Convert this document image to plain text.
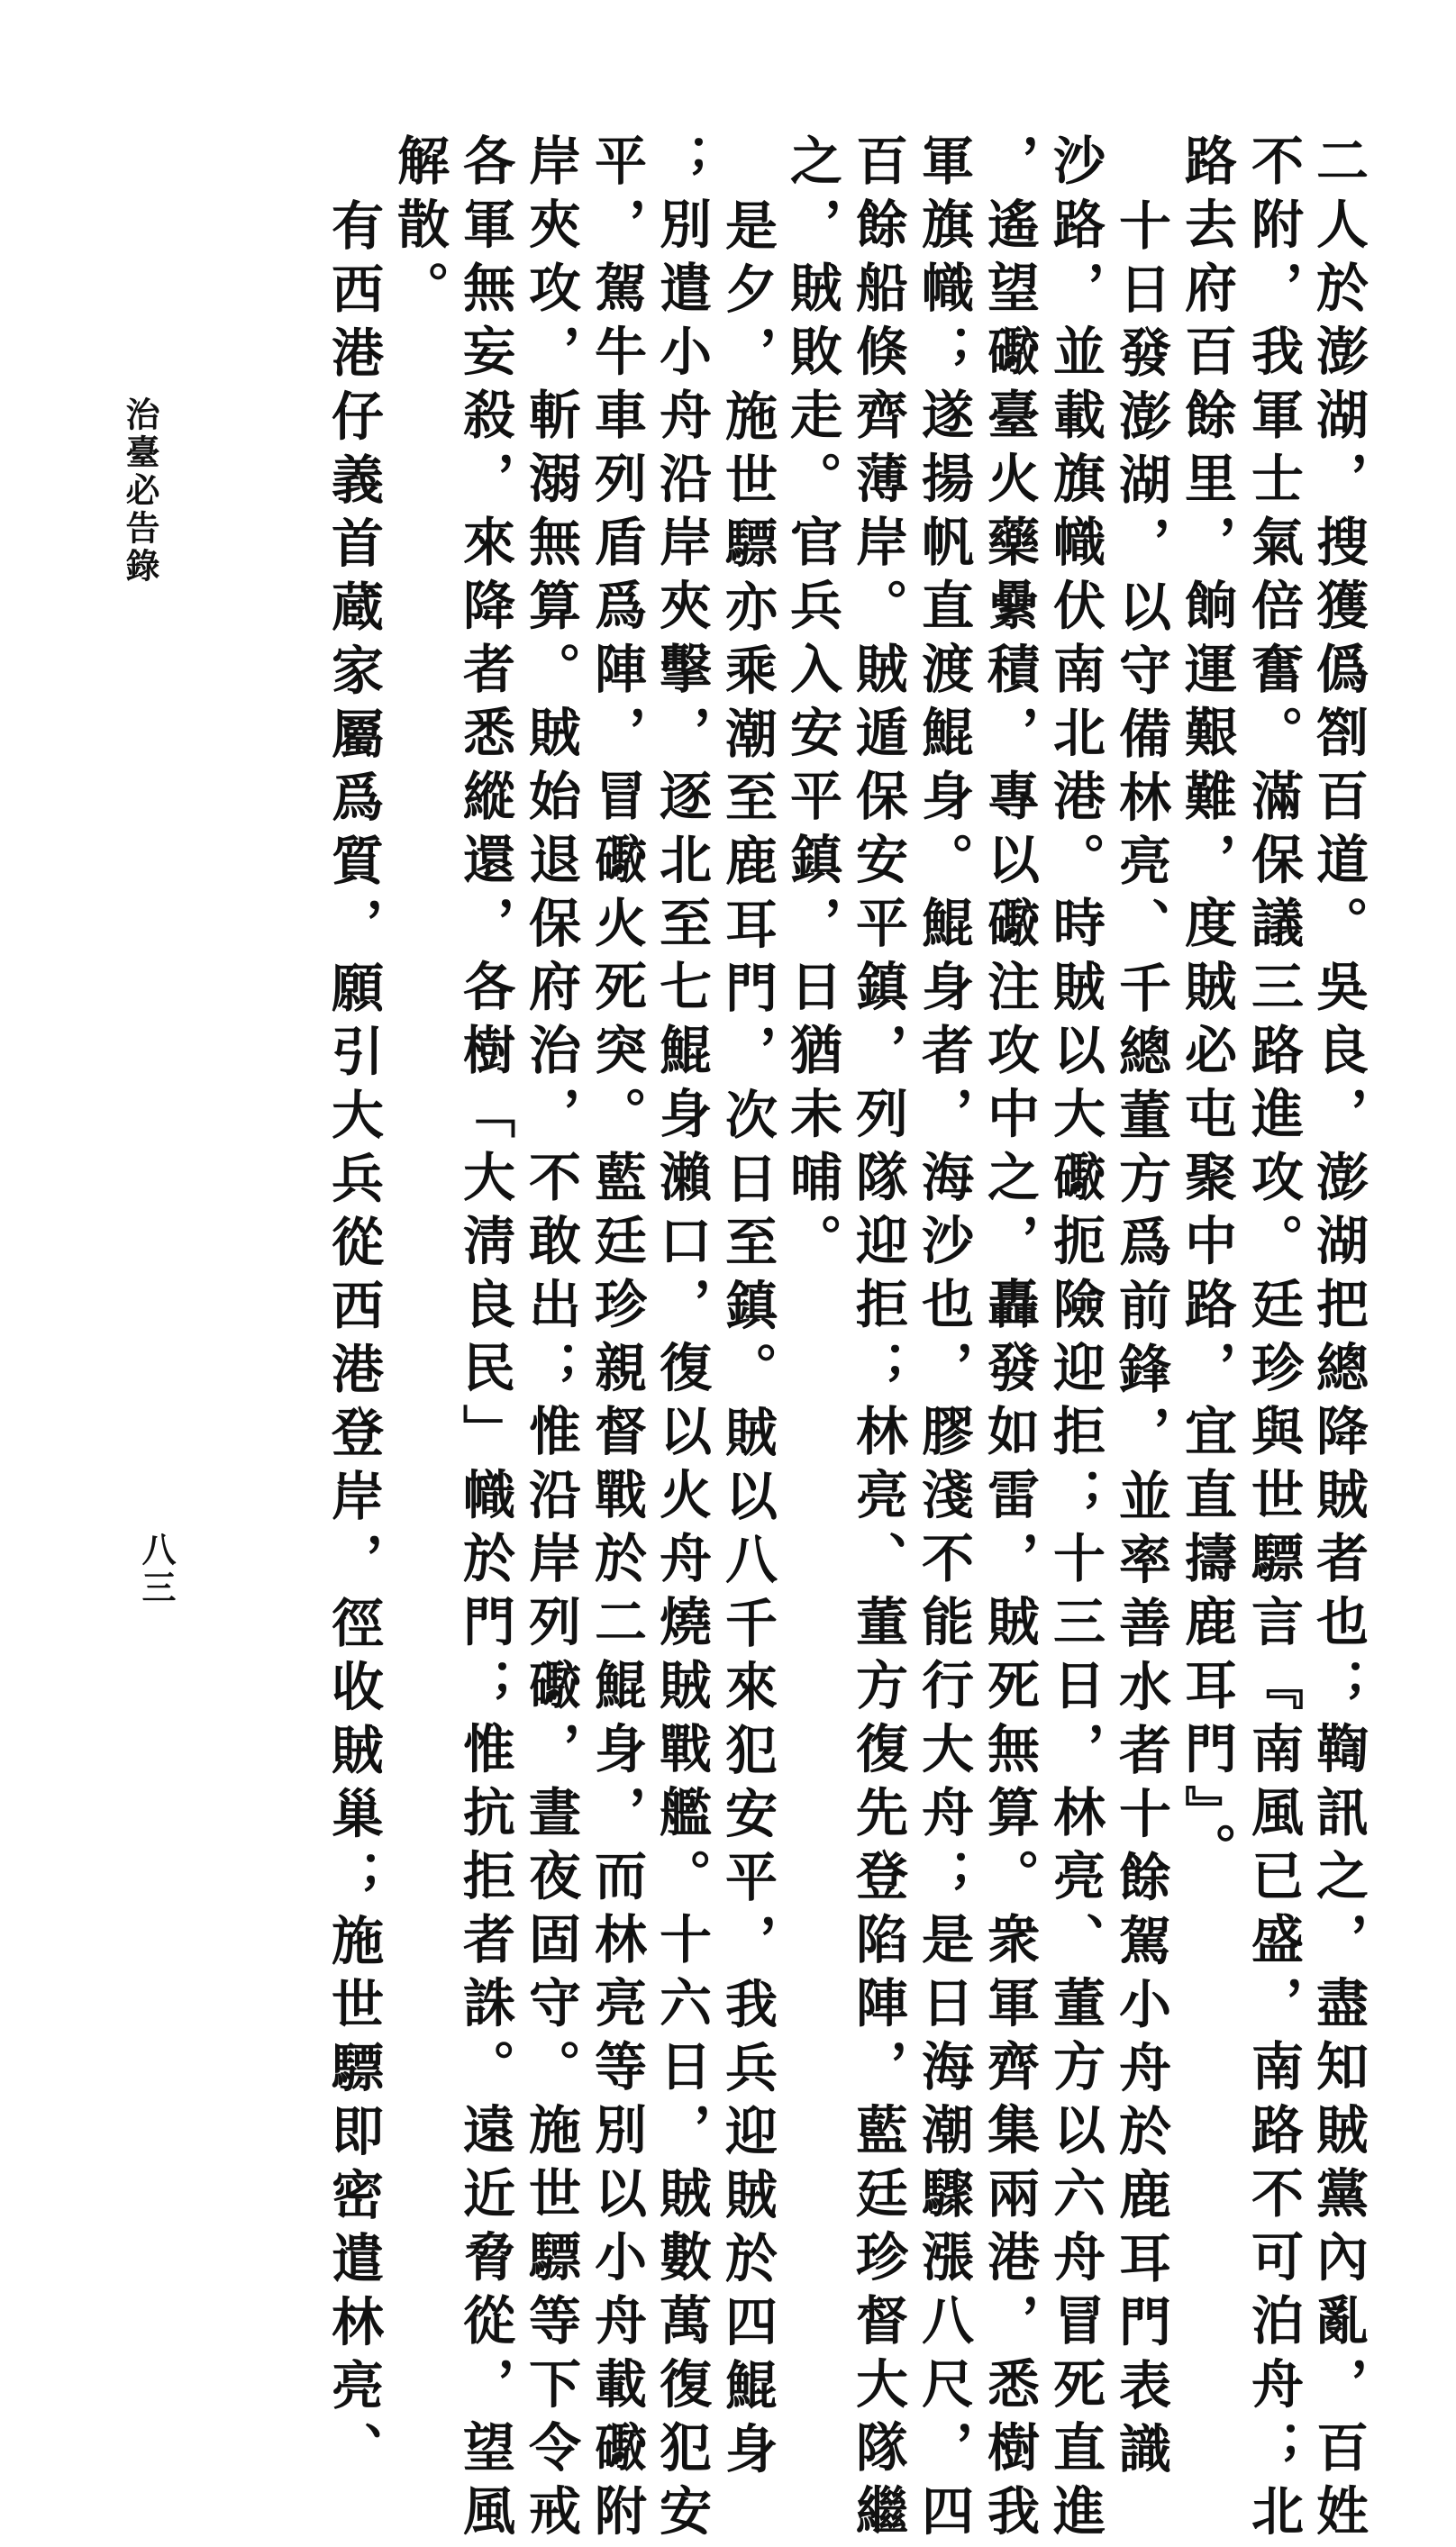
二人於澎湖，搜獲僞劄百道。吳良，澎湖把總降賊者也；鞫訊之，盡知賊黨內亂，百姓
不附，我軍士氣倍奮。滿保議三路進攻。廷珍與世驃言『南風已盛，南路不可泊舟；北
路去府百餘里，餉運艱難，度賊必屯聚中路，宜直擣鹿耳門』。
十日發澎湖，以守備林亮、千總董方爲前鋒，並率善水者十餘駕小舟於鹿耳門表識
沙路，並載旗幟伏南北港。時賊以大礮扼險迎拒；十三日，林亮、董方以六舟冒死直進
，遙望礮臺火藥纍積，專以礮注攻中之，轟發如雷，賊死無算。衆軍齊集兩港，悉樹我
軍旗幟；遂揚帆直渡鯤身。鯤身者，海沙也，膠淺不能行大舟；是日海潮驟漲八尺，四
百餘船倏齊薄岸。賊遁保安平鎮，列隊迎拒；林亮、董方復先登陷陣，藍廷珍督大隊繼
之，賊敗走。官兵入安平鎮，日猶未晡。
是夕，施世驃亦乘潮至鹿耳門，次日至鎮。賊以八千來犯安平，我兵迎賊於四鯤身
；別遣小舟沿岸夾擊，逐北至七鯤身瀨口，復以火舟燒賊戰艦。十六日，賊數萬復犯安
平，駕牛車列盾爲陣，冒礮火死突。藍廷珍親督戰於二鯤身，而林亮等別以小舟載礮附
岸夾攻，斬溺無算。賊始退保府治，不敢出；惟沿岸列礮，晝夜固守。施世驃等下令戒
各軍無妄殺，來降者悉縱還，各樹「大淸良民」幟於門；惟抗拒者誅。遠近脅從，望風
解散。
有西港仔義首蔵家屬爲質，願引大兵從西港登岸，徑收賊巢；施世驃即密遣林亮、
治臺必告錄
八三
